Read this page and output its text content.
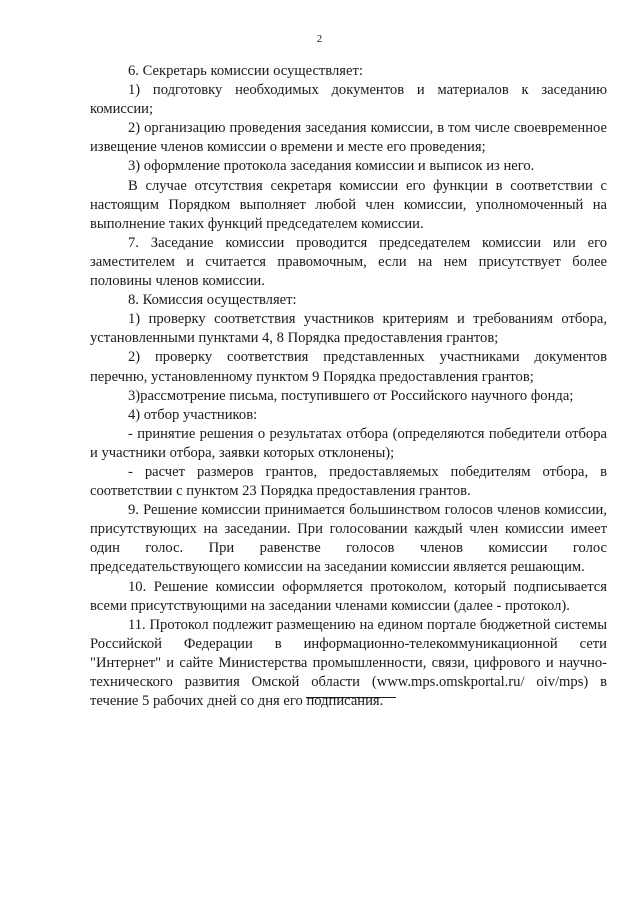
2

6. Секретарь комиссии осуществляет:

1) подготовку необходимых документов и материалов к заседанию комиссии;

2) организацию проведения заседания комиссии, в том числе своевременное извещение членов комиссии о времени и месте его проведения;

3) оформление протокола заседания комиссии и выписок из него.

В случае отсутствия секретаря комиссии его функции в соответствии с настоящим Порядком выполняет любой член комиссии, уполномоченный на выполнение таких функций председателем комиссии.

7. Заседание комиссии проводится председателем комиссии или его заместителем и считается правомочным, если на нем присутствует более половины членов комиссии.

8. Комиссия осуществляет:

1) проверку соответствия участников критериям и требованиям отбора, установленными пунктами 4, 8 Порядка предоставления грантов;

2) проверку соответствия представленных участниками документов перечню, установленному пунктом 9 Порядка предоставления грантов;

3)рассмотрение письма, поступившего от Российского научного фонда;

4) отбор участников:

- принятие решения о результатах отбора (определяются победители отбора и участники отбора, заявки которых отклонены);

- расчет размеров грантов, предоставляемых победителям отбора, в соответствии с пунктом 23 Порядка предоставления грантов.

9. Решение комиссии принимается большинством голосов членов комиссии, присутствующих на заседании. При голосовании каждый член комиссии имеет один голос. При равенстве голосов членов комиссии голос председательствующего комиссии на заседании комиссии является решающим.

10. Решение комиссии оформляется протоколом, который подписывается всеми присутствующими на заседании членами комиссии (далее - протокол).

11. Протокол подлежит размещению на едином портале бюджетной системы Российской Федерации в информационно-телекоммуникационной сети "Интернет" и сайте Министерства промышленности, связи, цифрового и научно-технического развития Омской области (www.mps.omskportal.ru/ oiv/mps) в течение 5 рабочих дней со дня его подписания.
